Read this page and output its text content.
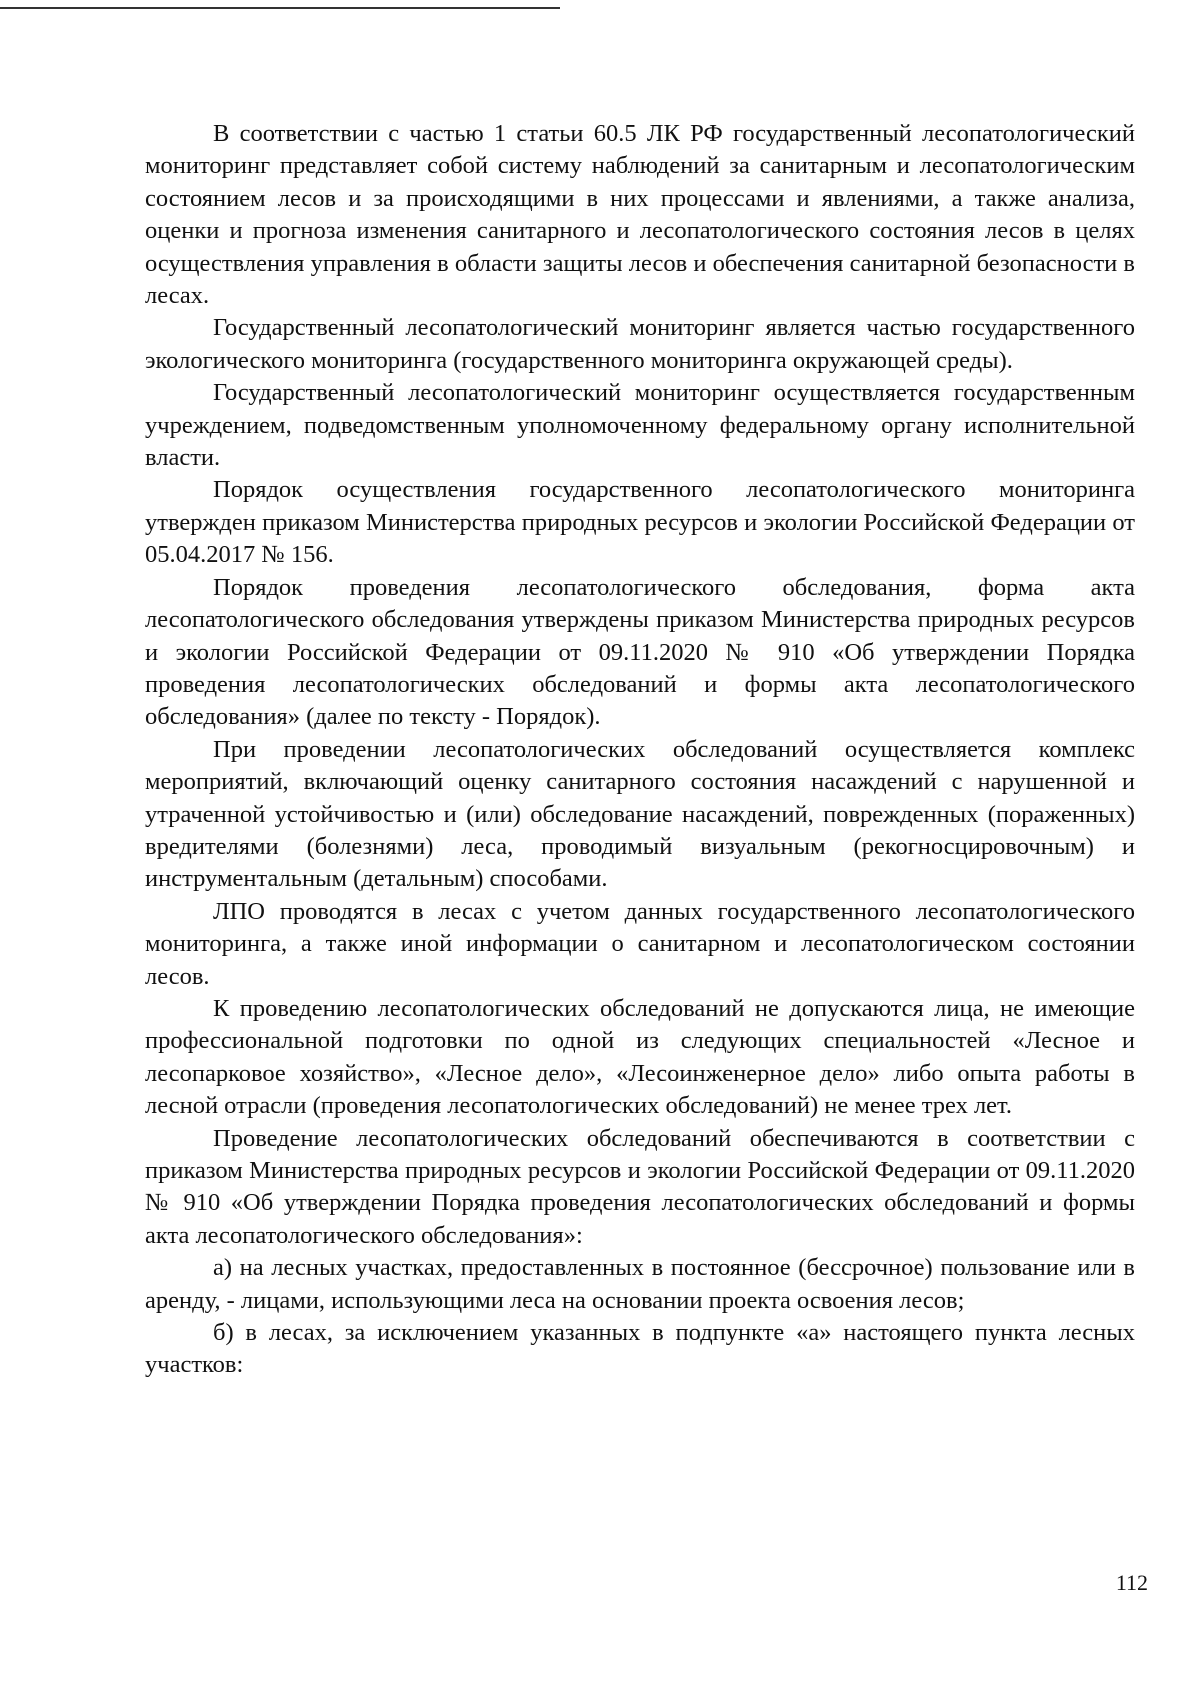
В соответствии с частью 1 статьи 60.5 ЛК РФ государственный лесопатологический мониторинг представляет собой систему наблюдений за санитарным и лесопатологическим состоянием лесов и за происходящими в них процессами и явлениями, а также анализа, оценки и прогноза изменения санитарного и лесопатологического состояния лесов в целях осуществления управления в области защиты лесов и обеспечения санитарной безопасности в лесах.

Государственный лесопатологический мониторинг является частью государственного экологического мониторинга (государственного мониторинга окружающей среды).

Государственный лесопатологический мониторинг осуществляется государственным учреждением, подведомственным уполномоченному федеральному органу исполнительной власти.

Порядок осуществления государственного лесопатологического мониторинга утвержден приказом Министерства природных ресурсов и экологии Российской Федерации от 05.04.2017 № 156.

Порядок проведения лесопатологического обследования, форма акта лесопатологического обследования утверждены приказом Министерства природных ресурсов и экологии Российской Федерации от 09.11.2020 № 910 «Об утверждении Порядка проведения лесопатологических обследований и формы акта лесопатологического обследования» (далее по тексту - Порядок).

При проведении лесопатологических обследований осуществляется комплекс мероприятий, включающий оценку санитарного состояния насаждений с нарушенной и утраченной устойчивостью и (или) обследование насаждений, поврежденных (пораженных) вредителями (болезнями) леса, проводимый визуальным (рекогносцировочным) и инструментальным (детальным) способами.

ЛПО проводятся в лесах с учетом данных государственного лесопатологического мониторинга, а также иной информации о санитарном и лесопатологическом состоянии лесов.

К проведению лесопатологических обследований не допускаются лица, не имеющие профессиональной подготовки по одной из следующих специальностей «Лесное и лесопарковое хозяйство», «Лесное дело», «Лесоинженерное дело» либо опыта работы в лесной отрасли (проведения лесопатологических обследований) не менее трех лет.

Проведение лесопатологических обследований обеспечиваются в соответствии с приказом Министерства природных ресурсов и экологии Российской Федерации от 09.11.2020 № 910 «Об утверждении Порядка проведения лесопатологических обследований и формы акта лесопатологического обследования»:

а) на лесных участках, предоставленных в постоянное (бессрочное) пользование или в аренду, - лицами, использующими леса на основании проекта освоения лесов;

б) в лесах, за исключением указанных в подпункте «а» настоящего пункта лесных участков:

112
